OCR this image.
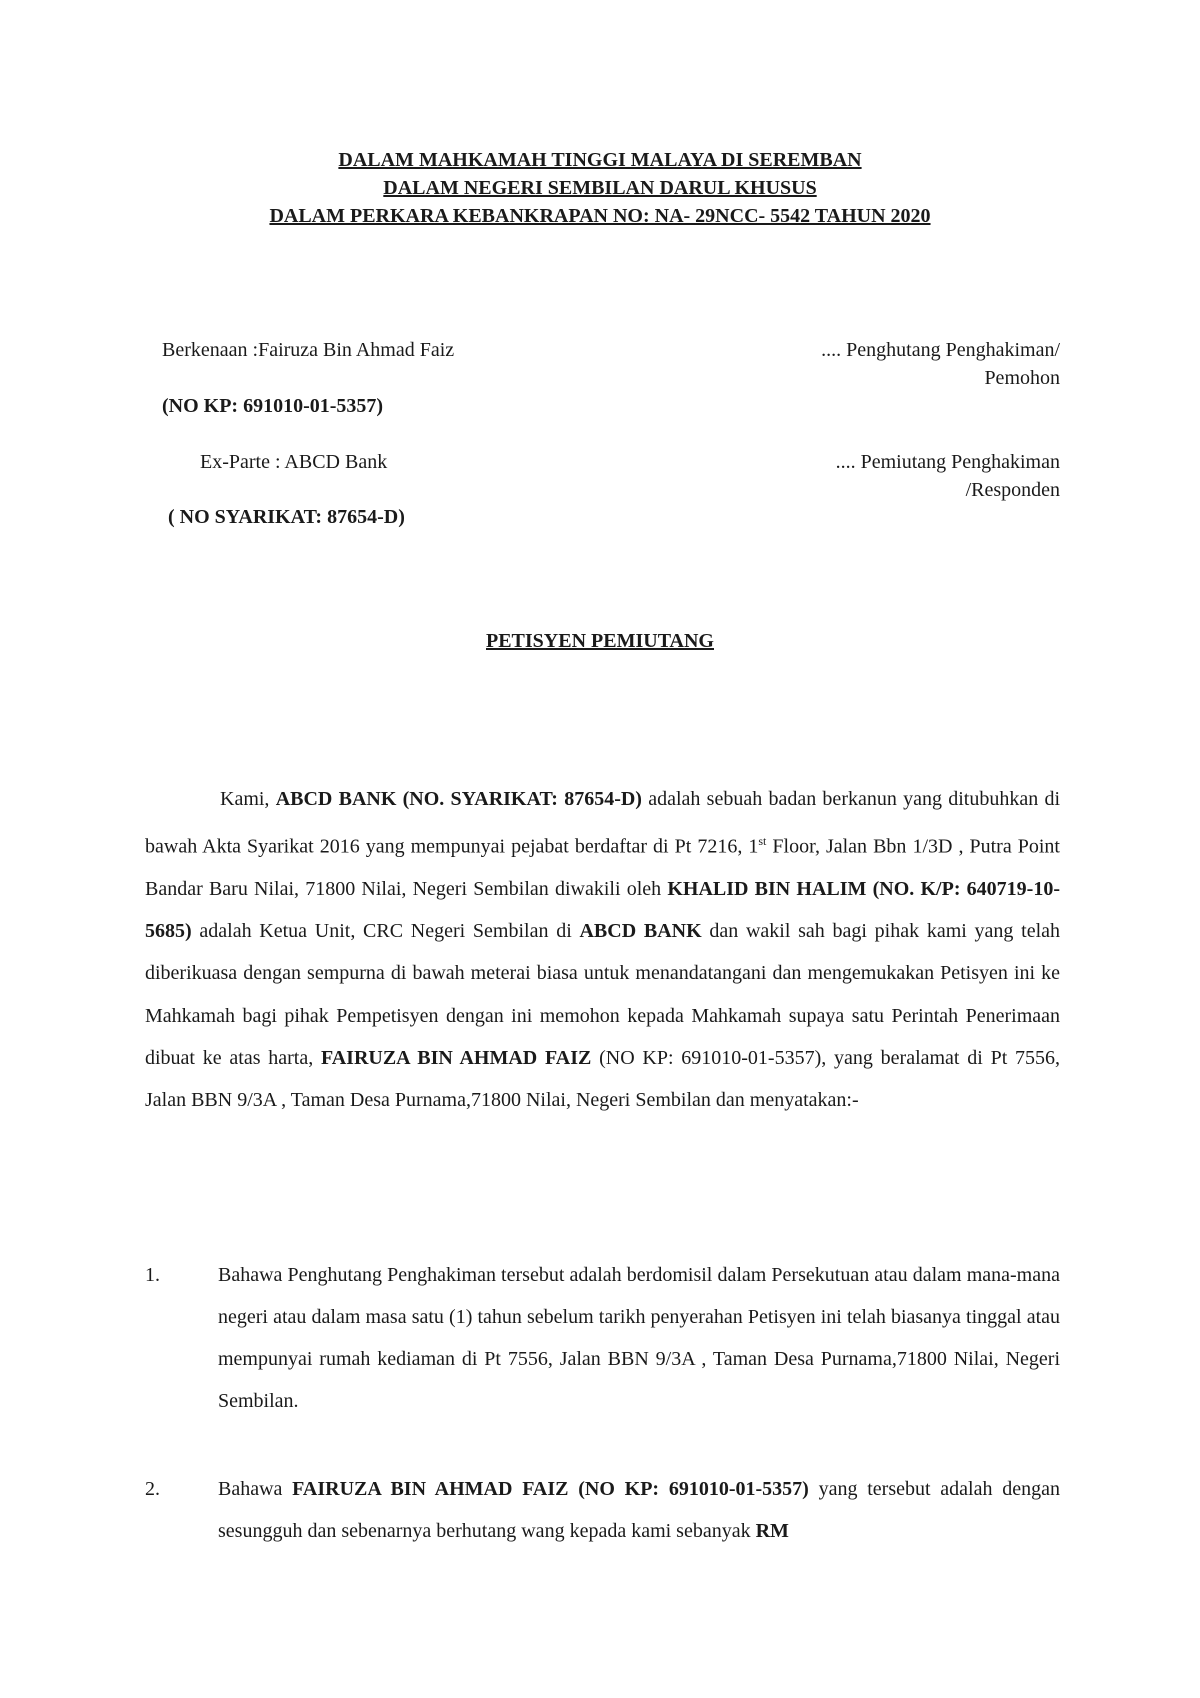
DALAM MAHKAMAH TINGGI MALAYA DI SEREMBAN
DALAM NEGERI SEMBILAN DARUL KHUSUS
DALAM PERKARA KEBANKRAPAN NO: NA- 29NCC- 5542 TAHUN 2020
Berkenaan :Fairuza Bin Ahmad Faiz	.... Penghutang Penghakiman/
Pemohon
(NO KP: 691010-01-5357)
Ex-Parte : ABCD Bank	.... Pemiutang Penghakiman
/Responden
( NO SYARIKAT: 87654-D)
PETISYEN PEMIUTANG
Kami, ABCD BANK (NO. SYARIKAT: 87654-D) adalah sebuah badan berkanun yang ditubuhkan di bawah Akta Syarikat 2016 yang mempunyai pejabat berdaftar di Pt 7216, 1st Floor, Jalan Bbn 1/3D , Putra Point Bandar Baru Nilai, 71800 Nilai, Negeri Sembilan diwakili oleh KHALID BIN HALIM (NO. K/P: 640719-10-5685) adalah Ketua Unit, CRC Negeri Sembilan di ABCD BANK dan wakil sah bagi pihak kami yang telah diberikuasa dengan sempurna di bawah meterai biasa untuk menandatangani dan mengemukakan Petisyen ini ke Mahkamah bagi pihak Pempetisyen dengan ini memohon kepada Mahkamah supaya satu Perintah Penerimaan dibuat ke atas harta, FAIRUZA BIN AHMAD FAIZ (NO KP: 691010-01-5357), yang beralamat di Pt 7556, Jalan BBN 9/3A , Taman Desa Purnama,71800 Nilai, Negeri Sembilan dan menyatakan:-
1.	Bahawa Penghutang Penghakiman tersebut adalah berdomisil dalam Persekutuan atau dalam mana-mana negeri atau dalam masa satu (1) tahun sebelum tarikh penyerahan Petisyen ini telah biasanya tinggal atau mempunyai rumah kediaman di Pt 7556, Jalan BBN 9/3A , Taman Desa Purnama,71800 Nilai, Negeri Sembilan.
2.	Bahawa FAIRUZA BIN AHMAD FAIZ (NO KP: 691010-01-5357) yang tersebut adalah dengan sesungguh dan sebenarnya berhutang wang kepada kami sebanyak RM
